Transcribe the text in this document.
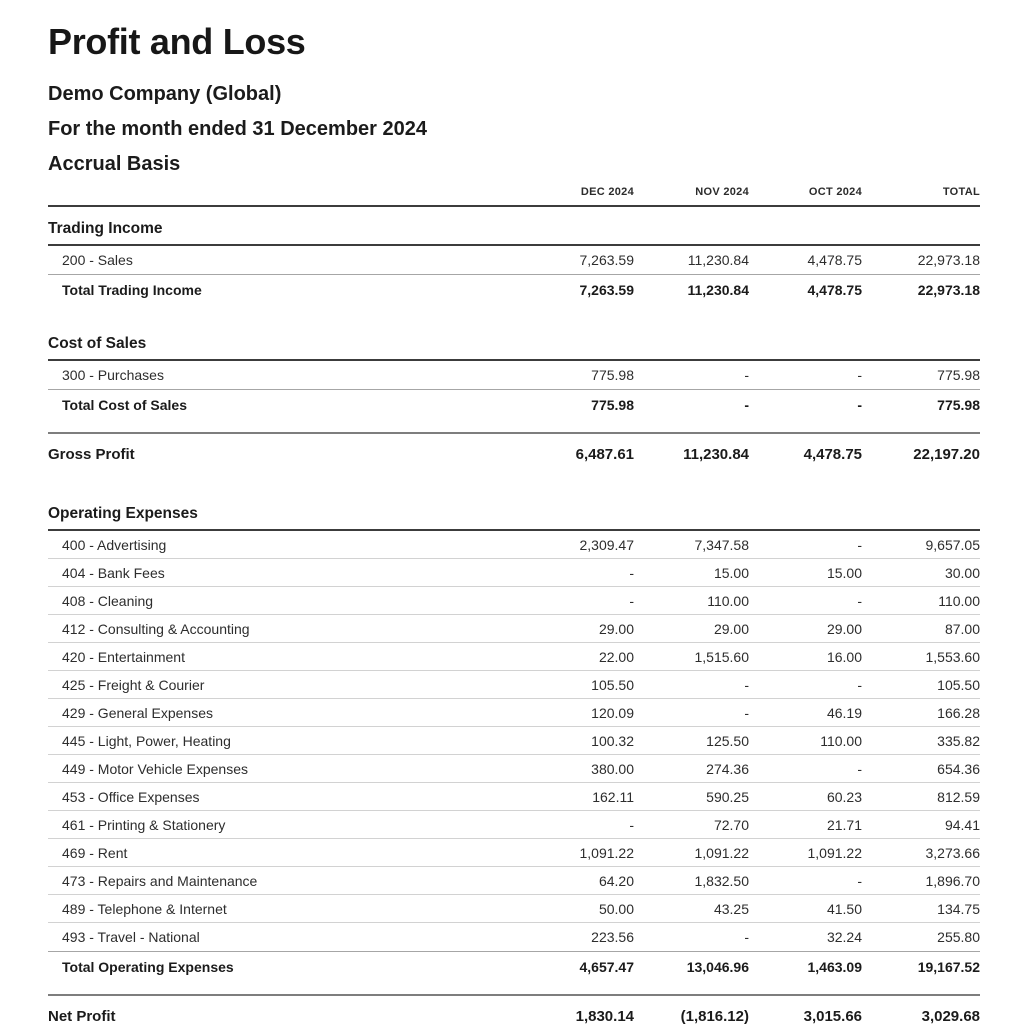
Profit and Loss
Demo Company (Global)
For the month ended 31 December 2024
Accrual Basis
	DEC 2024	NOV 2024	OCT 2024	TOTAL
Trading Income				
200 - Sales	7,263.59	11,230.84	4,478.75	22,973.18
Total Trading Income	7,263.59	11,230.84	4,478.75	22,973.18

Cost of Sales				
300 - Purchases	775.98	-	-	775.98
Total Cost of Sales	775.98	-	-	775.98

Gross Profit	6,487.61	11,230.84	4,478.75	22,197.20

Operating Expenses				
400 - Advertising	2,309.47	7,347.58	-	9,657.05
404 - Bank Fees	-	15.00	15.00	30.00
408 - Cleaning	-	110.00	-	110.00
412 - Consulting & Accounting	29.00	29.00	29.00	87.00
420 - Entertainment	22.00	1,515.60	16.00	1,553.60
425 - Freight & Courier	105.50	-	-	105.50
429 - General Expenses	120.09	-	46.19	166.28
445 - Light, Power, Heating	100.32	125.50	110.00	335.82
449 - Motor Vehicle Expenses	380.00	274.36	-	654.36
453 - Office Expenses	162.11	590.25	60.23	812.59
461 - Printing & Stationery	-	72.70	21.71	94.41
469 - Rent	1,091.22	1,091.22	1,091.22	3,273.66
473 - Repairs and Maintenance	64.20	1,832.50	-	1,896.70
489 - Telephone & Internet	50.00	43.25	41.50	134.75
493 - Travel - National	223.56	-	32.24	255.80
Total Operating Expenses	4,657.47	13,046.96	1,463.09	19,167.52

Net Profit	1,830.14	(1,816.12)	3,015.66	3,029.68
